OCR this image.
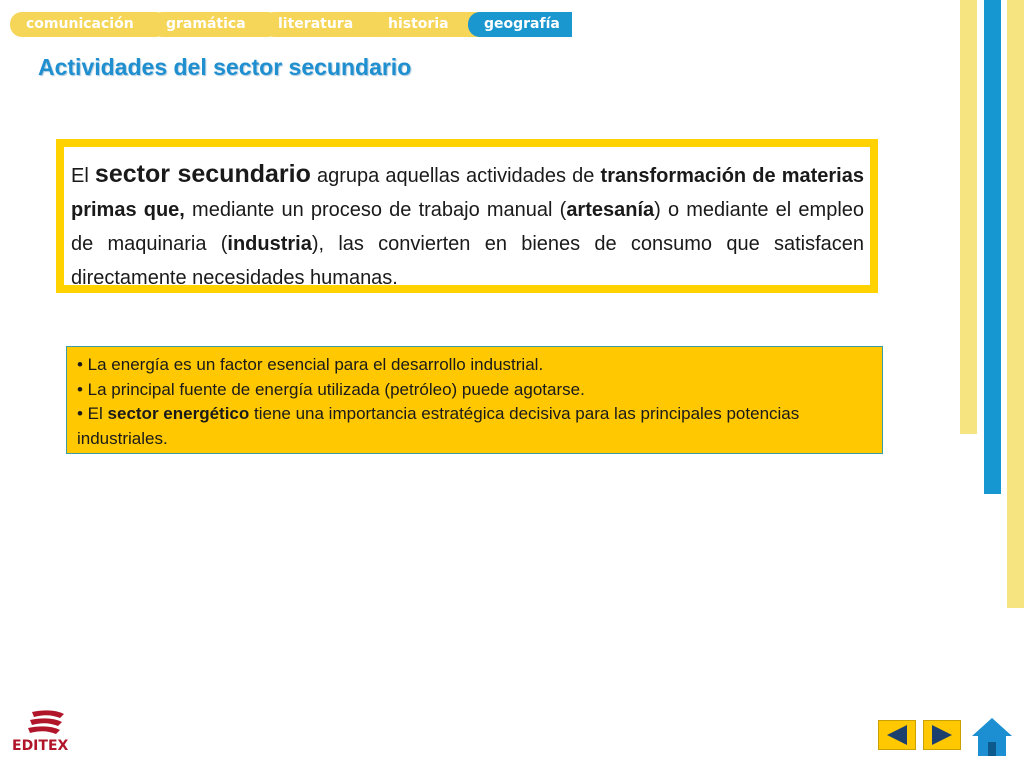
comunicación	gramática	literatura	historia	geografía
Actividades del sector secundario
El sector secundario agrupa aquellas actividades de transformación de materias primas que, mediante un proceso de trabajo manual (artesanía) o mediante el empleo de maquinaria (industria), las convierten en bienes de consumo que satisfacen directamente necesidades humanas.

• La energía es un factor esencial para el desarrollo industrial.

• La principal fuente de energía utilizada (petróleo) puede agotarse.

• El sector energético tiene una importancia estratégica decisiva para las principales potencias industriales.

EDITEX
